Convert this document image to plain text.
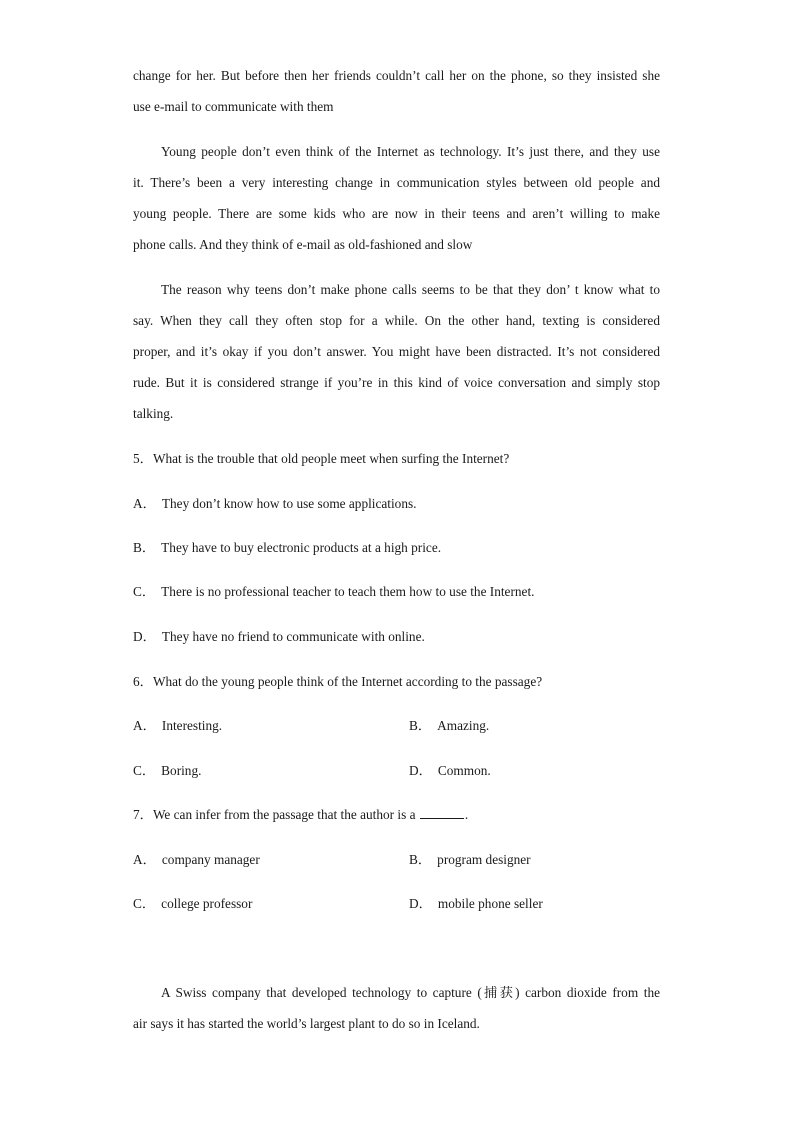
change for her. But before then her friends couldn’t call her on the phone, so they insisted she
use e-mail to communicate with them
Young people don’t even think of the Internet as technology. It’s just there, and they use
it. There’s been a very interesting change in communication styles between old people and
young people. There are some kids who are now in their teens and aren’t willing to make
phone calls. And they think of e-mail as old-fashioned and slow
The reason why teens don’t make phone calls seems to be that they don’ t know what to
say. When they call they often stop for a while. On the other hand, texting is considered
proper, and it’s okay if you don’t answer. You might have been distracted. It’s not considered
rude. But it is considered strange if you’re in this kind of voice conversation and simply stop
talking.
5．What is the trouble that old people meet when surfing the Internet?
A． They don’t know how to use some applications.
B． They have to buy electronic products at a high price.
C． There is no professional teacher to teach them how to use the Internet.
D． They have no friend to communicate with online.
6．What do the young people think of the Internet according to the passage?
A． Interesting.	B． Amazing.
C． Boring.	D． Common.
7．We can infer from the passage that the author is a	.
A． company manager	B． program designer
C． college professor	D． mobile phone seller
A Swiss company that developed technology to capture (捕获) carbon dioxide from the
air says it has started the world’s largest plant to do so in Iceland.
